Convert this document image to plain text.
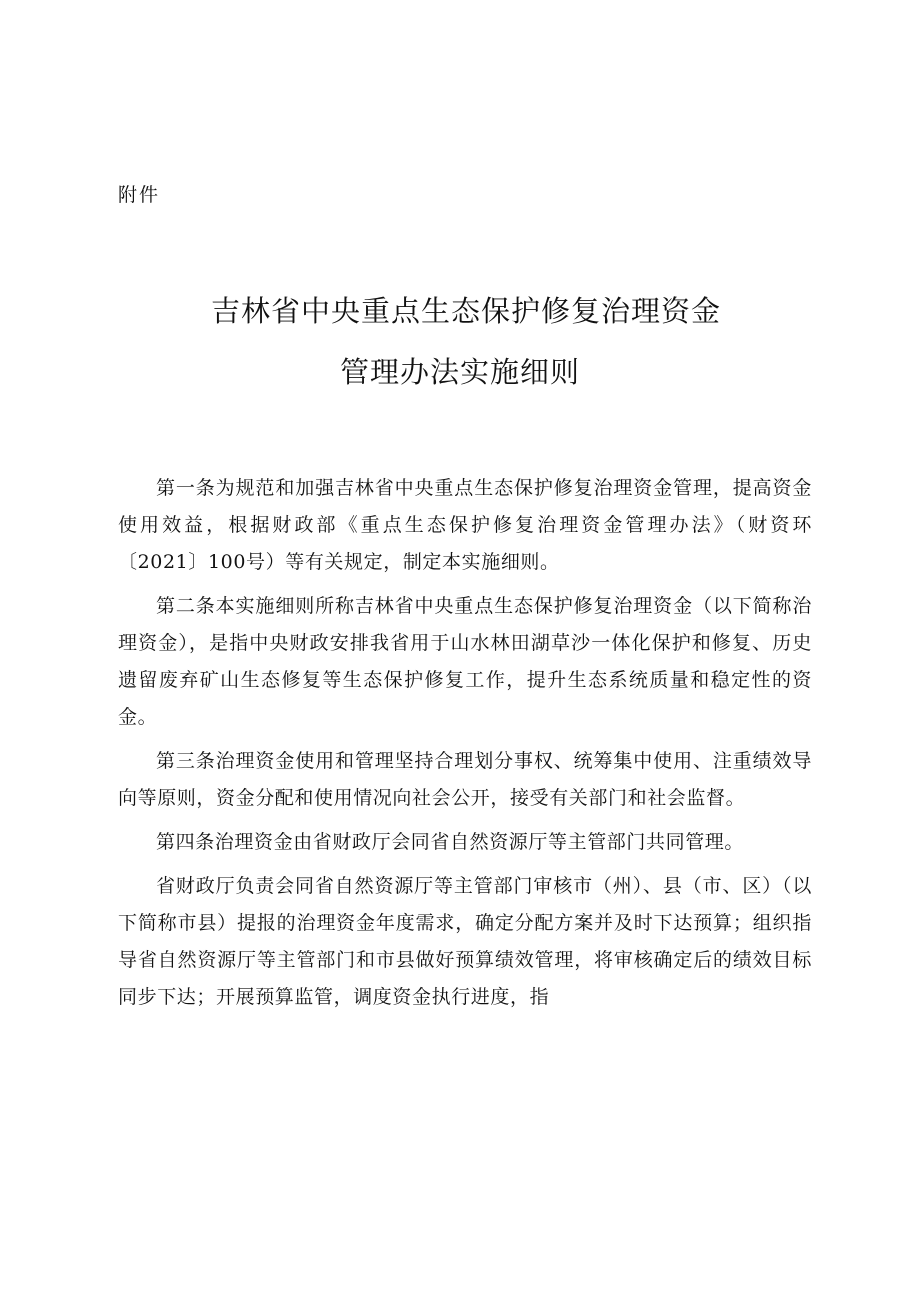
附件
吉林省中央重点生态保护修复治理资金
管理办法实施细则

第一条为规范和加强吉林省中央重点生态保护修复治理资金管理，提高资金使用效益，根据财政部《重点生态保护修复治理资金管理办法》（财资环〔2021〕100号）等有关规定，制定本实施细则。

第二条本实施细则所称吉林省中央重点生态保护修复治理资金（以下简称治理资金），是指中央财政安排我省用于山水林田湖草沙一体化保护和修复、历史遗留废弃矿山生态修复等生态保护修复工作，提升生态系统质量和稳定性的资金。

第三条治理资金使用和管理坚持合理划分事权、统筹集中使用、注重绩效导向等原则，资金分配和使用情况向社会公开，接受有关部门和社会监督。

第四条治理资金由省财政厅会同省自然资源厅等主管部门共同管理。

省财政厅负责会同省自然资源厅等主管部门审核市（州）、县（市、区）（以下简称市县）提报的治理资金年度需求，确定分配方案并及时下达预算；组织指导省自然资源厅等主管部门和市县做好预算绩效管理，将审核确定后的绩效目标同步下达；开展预算监管，调度资金执行进度，指
